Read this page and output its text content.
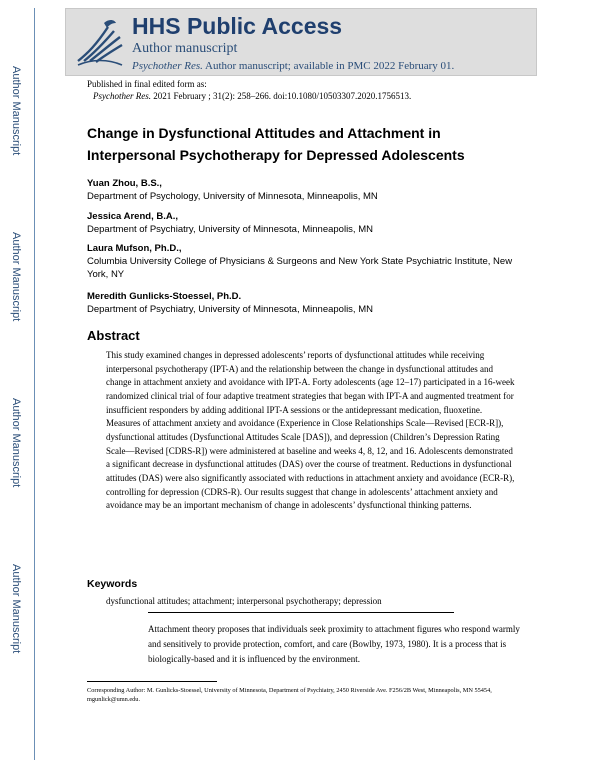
Author Manuscript
Author Manuscript
Author Manuscript
Author Manuscript
HHS Public Access
Author manuscript
Psychother Res. Author manuscript; available in PMC 2022 February 01.
Published in final edited form as:
Psychother Res. 2021 February ; 31(2): 258–266. doi:10.1080/10503307.2020.1756513.
Change in Dysfunctional Attitudes and Attachment in Interpersonal Psychotherapy for Depressed Adolescents
Yuan Zhou, B.S.,
Department of Psychology, University of Minnesota, Minneapolis, MN
Jessica Arend, B.A.,
Department of Psychiatry, University of Minnesota, Minneapolis, MN
Laura Mufson, Ph.D.,
Columbia University College of Physicians & Surgeons and New York State Psychiatric Institute, New York, NY
Meredith Gunlicks-Stoessel, Ph.D.
Department of Psychiatry, University of Minnesota, Minneapolis, MN
Abstract

This study examined changes in depressed adolescents’ reports of dysfunctional attitudes while receiving interpersonal psychotherapy (IPT-A) and the relationship between the change in dysfunctional attitudes and change in attachment anxiety and avoidance with IPT-A. Forty adolescents (age 12–17) participated in a 16-week randomized clinical trial of four adaptive treatment strategies that began with IPT-A and augmented treatment for insufficient responders by adding additional IPT-A sessions or the antidepressant medication, fluoxetine. Measures of attachment anxiety and avoidance (Experience in Close Relationships Scale—Revised [ECR-R]), dysfunctional attitudes (Dysfunctional Attitudes Scale [DAS]), and depression (Children’s Depression Rating Scale—Revised [CDRS-R]) were administered at baseline and weeks 4, 8, 12, and 16. Adolescents demonstrated a significant decrease in dysfunctional attitudes (DAS) over the course of treatment. Reductions in dysfunctional attitudes (DAS) were also significantly associated with reductions in attachment anxiety and avoidance (ECR-R), controlling for depression (CDRS-R). Our results suggest that change in adolescents’ attachment anxiety and avoidance may be an important mechanism of change in adolescents’ dysfunctional thinking patterns.

Keywords
dysfunctional attitudes; attachment; interpersonal psychotherapy; depression

Attachment theory proposes that individuals seek proximity to attachment figures who respond warmly and sensitively to provide protection, comfort, and care (Bowlby, 1973, 1980). It is a process that is biologically-based and it is influenced by the environment.

Corresponding Author: M. Gunlicks-Stoessel, University of Minnesota, Department of Psychiatry, 2450 Riverside Ave. F256/2B West, Minneapolis, MN 55454, mgunlick@umn.edu.
